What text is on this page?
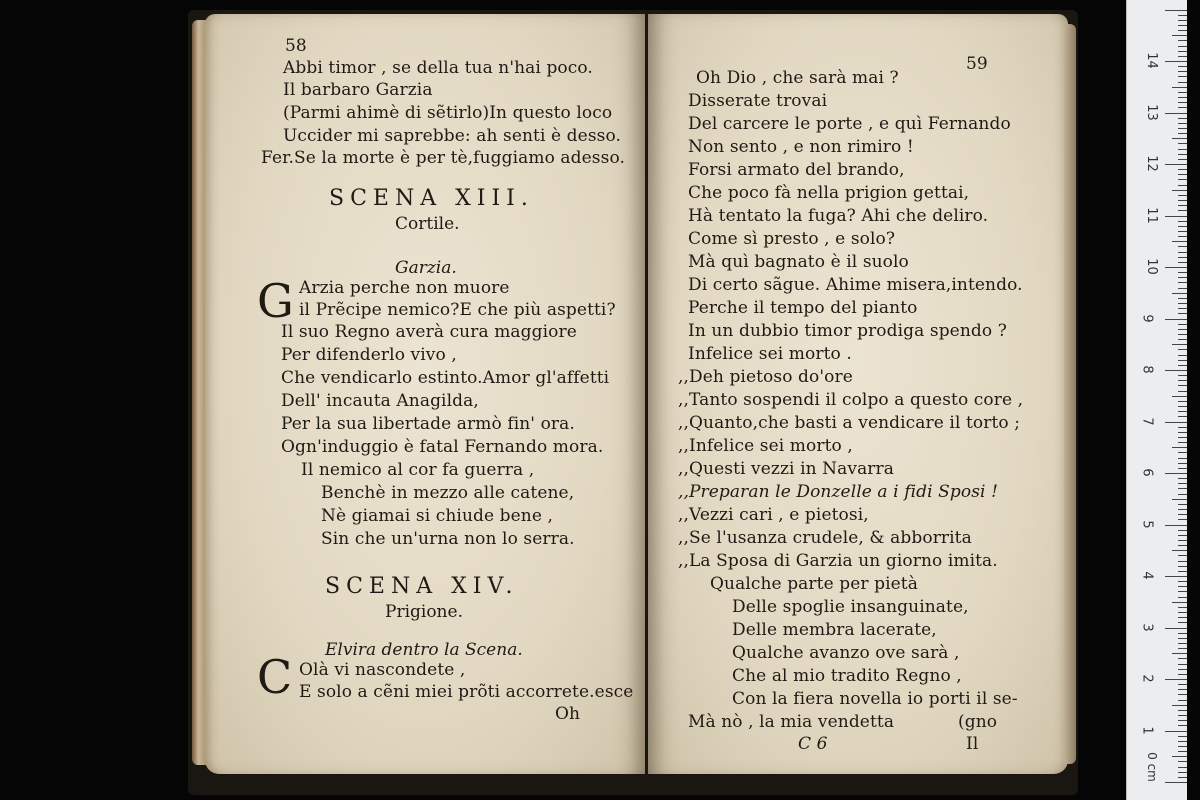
58
Abbi timor , se della tua n'hai poco.
Il barbaro Garzia
(Parmi ahimè di sẽtirlo)In questo loco
Uccider mi saprebbe: ah senti è desso.
Fer.Se la morte è per tè,fuggiamo adesso.
SCENA XIII.
Cortile.
Garzia.
G Arzia perche non muore
il Prẽcipe nemico?E che più aspetti?
Il suo Regno averà cura maggiore
Per difenderlo vivo ,
Che vendicarlo estinto.Amor gl'affetti
Dell' incauta Anagilda,
Per la sua libertade armò fin' ora.
Ogn'induggio è fatal Fernando mora.
Il nemico al cor fa guerra ,
Benchè in mezzo alle catene,
Nè giamai si chiude bene ,
Sin che un'urna non lo serra.
SCENA XIV.
Prigione.
Elvira dentro la Scena.
C Olà vi nascondete ,
E solo a cẽni miei prõti accorrete.esce
Oh
59
Oh Dio , che sarà mai ?
Disserate trovai
Del carcere le porte , e quì Fernando
Non sento , e non rimiro !
Forsi armato del brando,
Che poco fà nella prigion gettai,
Hà tentato la fuga? Ahi che deliro.
Come sì presto , e solo?
Mà quì bagnato è il suolo
Di certo sãgue. Ahime misera,intendo.
Perche il tempo del pianto
In un dubbio timor prodiga spendo ?
Infelice sei morto .
,,Deh pietoso do'ore
,,Tanto sospendi il colpo a questo core ,
,,Quanto,che basti a vendicare il torto ;
,,Infelice sei morto ,
,,Questi vezzi in Navarra
,,Preparan le Donzelle a i fidi Sposi !
,,Vezzi cari , e pietosi,
,,Se l'usanza crudele, & abborrita
,,La Sposa di Garzia un giorno imita.
Qualche parte per pietà
Delle spoglie insanguinate,
Delle membra lacerate,
Qualche avanzo ove sarà ,
Che al mio tradito Regno ,
Con la fiera novella io porti il se-
Mà nò , la mia vendetta	(gno
C 6	Il
1
2
3
4
5
6
7
8
9
10
11
12
13
14
0 cm
